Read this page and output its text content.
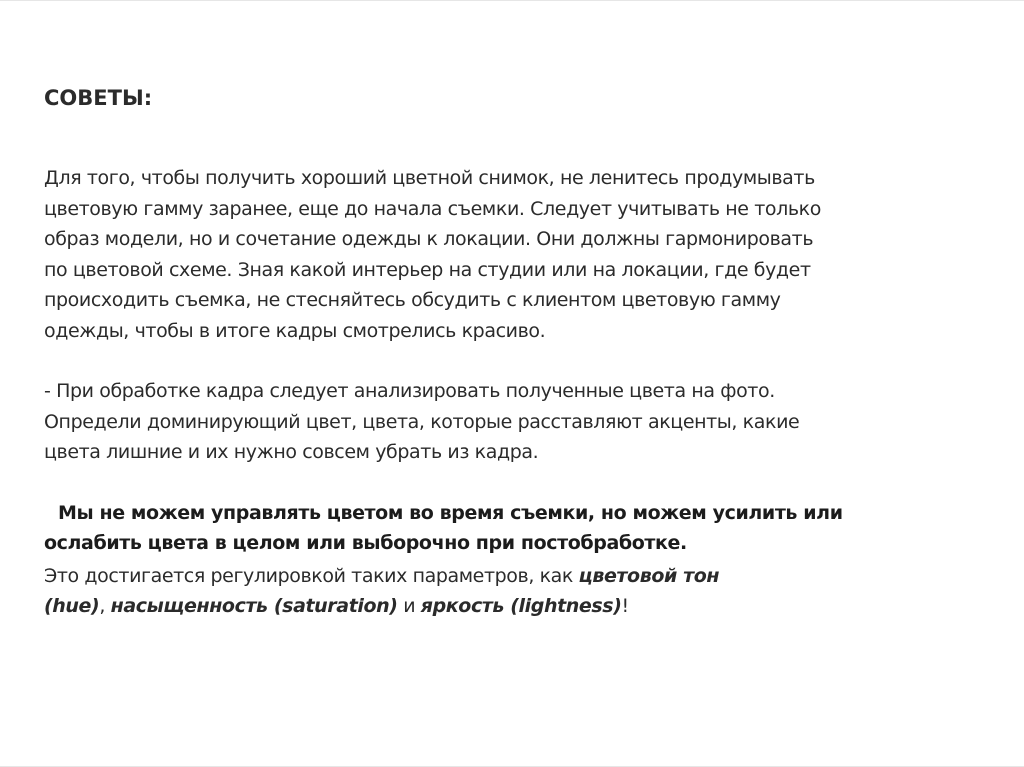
СОВЕТЫ:

Для того, чтобы получить хороший цветной снимок, не ленитесь продумывать
цветовую гамму заранее, еще до начала съемки. Следует учитывать не только
образ модели, но и сочетание одежды к локации. Они должны гармонировать
по цветовой схеме. Зная какой интерьер на студии или на локации, где будет
происходить съемка, не стесняйтесь обсудить с клиентом цветовую гамму
одежды, чтобы в итоге кадры смотрелись красиво.

- При обработке кадра следует анализировать полученные цвета на фото.
Определи доминирующий цвет, цвета, которые расставляют акценты, какие
цвета лишние и их нужно совсем убрать из кадра.

Мы не можем управлять цветом во время съемки, но можем усилить или
ослабить цвета в целом или выборочно при постобработке.

Это достигается регулировкой таких параметров, как цветовой тон
(hue), насыщенность (saturation) и яркость (lightness)!
